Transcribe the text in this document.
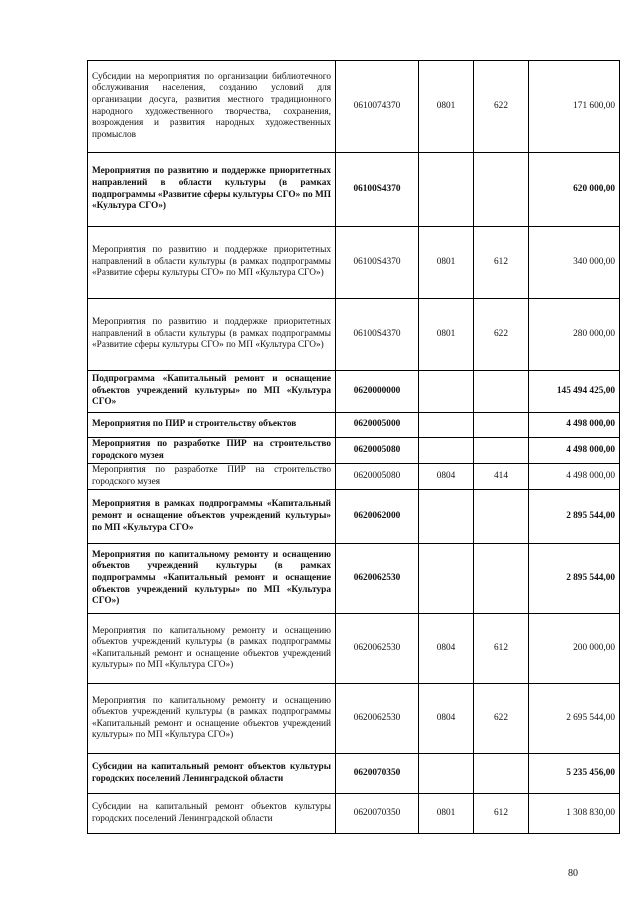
Субсидии на мероприятия по организации библиотечного обслуживания населения, созданию условий для организации досуга, развития местного традиционного народного художественного творчества, сохранения, возрождения и развития народных художественных промыслов	0610074370	0801	622	171 600,00
Мероприятия по развитию и поддержке приоритетных направлений в области культуры (в рамках подпрограммы «Развитие сферы культуры СГО» по МП «Культура СГО»)	06100S4370			620 000,00
Мероприятия по развитию и поддержке приоритетных направлений в области культуры (в рамках подпрограммы «Развитие сферы культуры СГО» по МП «Культура СГО»)	06100S4370	0801	612	340 000,00
Мероприятия по развитию и поддержке приоритетных направлений в области культуры (в рамках подпрограммы «Развитие сферы культуры СГО» по МП «Культура СГО»)	06100S4370	0801	622	280 000,00
Подпрограмма «Капитальный ремонт и оснащение объектов учреждений культуры» по МП «Культура СГО»	0620000000			145 494 425,00
Мероприятия по ПИР и строительству объектов	0620005000			4 498 000,00
Мероприятия по разработке ПИР на строительство городского музея	0620005080			4 498 000,00
Мероприятия по разработке ПИР на строительство городского музея	0620005080	0804	414	4 498 000,00
Мероприятия в рамках подпрограммы «Капитальный ремонт и оснащение объектов учреждений культуры» по МП «Культура СГО»	0620062000			2 895 544,00
Мероприятия по капитальному ремонту и оснащению объектов учреждений культуры (в рамках подпрограммы «Капитальный ремонт и оснащение объектов учреждений культуры» по МП «Культура СГО»)	0620062530			2 895 544,00
Мероприятия по капитальному ремонту и оснащению объектов учреждений культуры (в рамках подпрограммы «Капитальный ремонт и оснащение объектов учреждений культуры» по МП «Культура СГО»)	0620062530	0804	612	200 000,00
Мероприятия по капитальному ремонту и оснащению объектов учреждений культуры (в рамках подпрограммы «Капитальный ремонт и оснащение объектов учреждений культуры» по МП «Культура СГО»)	0620062530	0804	622	2 695 544,00
Субсидии на капитальный ремонт объектов культуры городских поселений Ленинградской области	0620070350			5 235 456,00
Субсидии на капитальный ремонт объектов культуры городских поселений Ленинградской области	0620070350	0801	612	1 308 830,00
80
